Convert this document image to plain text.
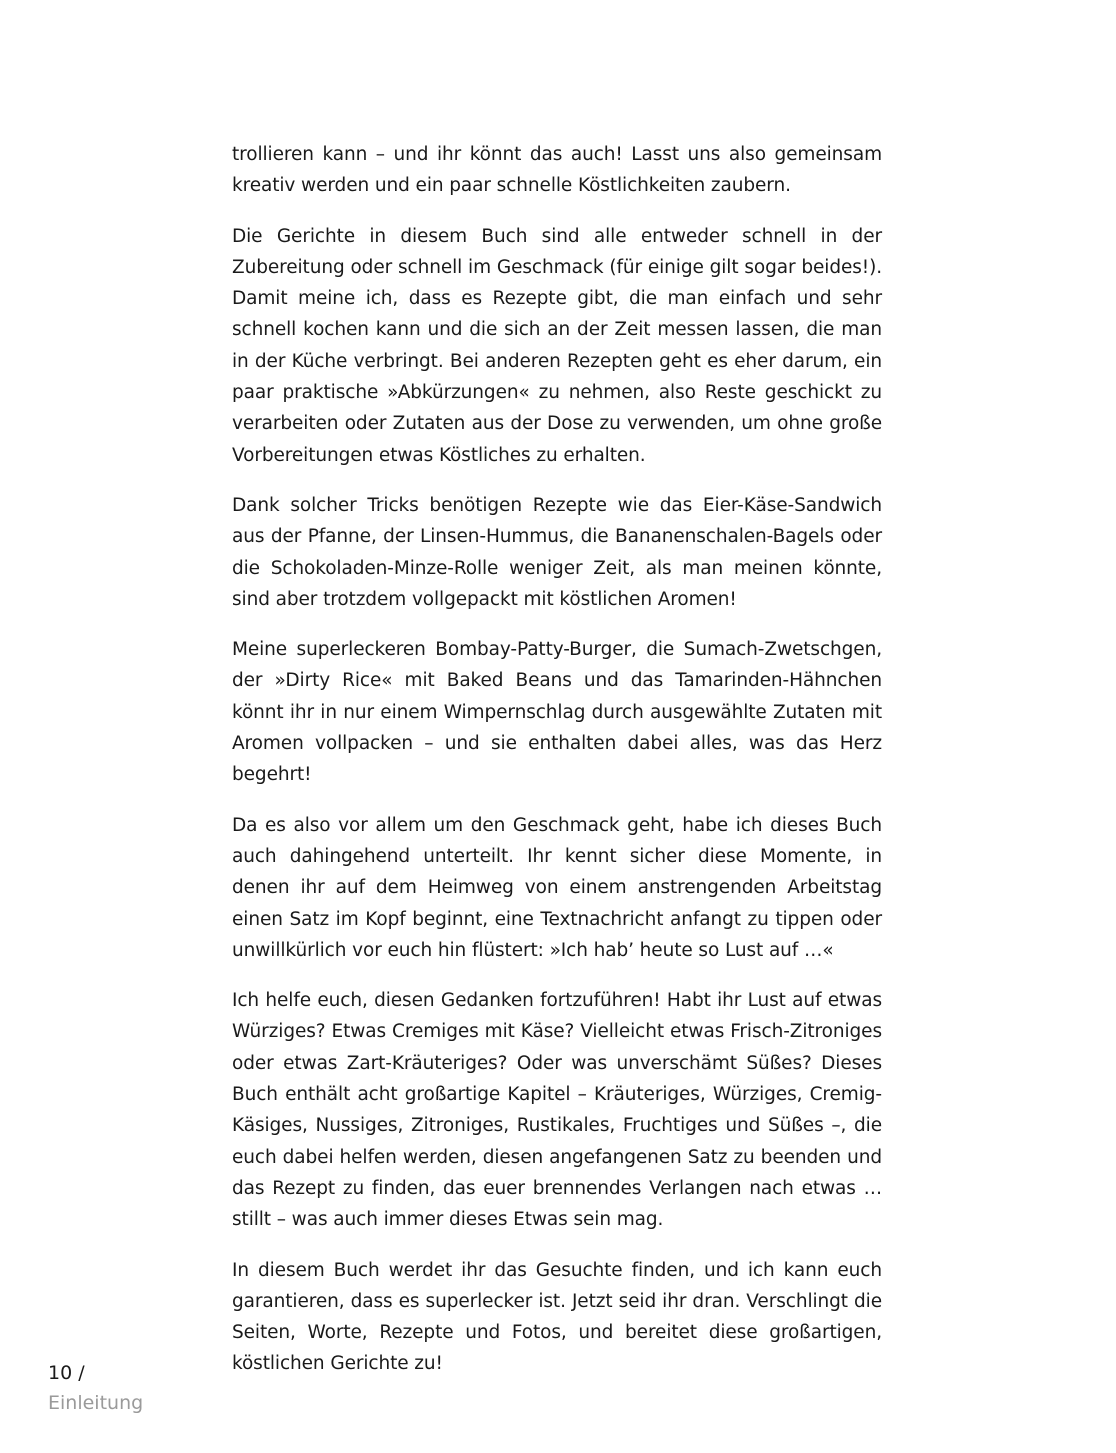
trollieren kann – und ihr könnt das auch! Lasst uns also gemeinsam kreativ werden und ein paar schnelle Köstlichkeiten zaubern.

Die Gerichte in diesem Buch sind alle entweder schnell in der Zubereitung oder schnell im Geschmack (für einige gilt sogar beides!). Damit meine ich, dass es Rezepte gibt, die man einfach und sehr schnell kochen kann und die sich an der Zeit messen lassen, die man in der Küche verbringt. Bei anderen Rezepten geht es eher darum, ein paar praktische »Abkürzungen« zu nehmen, also Reste geschickt zu verarbeiten oder Zutaten aus der Dose zu verwenden, um ohne große Vorbereitungen etwas Köstliches zu erhalten.

Dank solcher Tricks benötigen Rezepte wie das Eier-Käse-Sandwich aus der Pfanne, der Linsen-Hummus, die Bananenschalen-Bagels oder die Schokoladen-Minze-Rolle weniger Zeit, als man meinen könnte, sind aber trotzdem vollgepackt mit köstlichen Aromen!

Meine superleckeren Bombay-Patty-Burger, die Sumach-Zwetschgen, der »Dirty Rice« mit Baked Beans und das Tamarinden-Hähnchen könnt ihr in nur einem Wimpernschlag durch ausgewählte Zutaten mit Aromen vollpacken – und sie enthalten dabei alles, was das Herz begehrt!

Da es also vor allem um den Geschmack geht, habe ich dieses Buch auch dahingehend unterteilt. Ihr kennt sicher diese Momente, in denen ihr auf dem Heimweg von einem anstrengenden Arbeitstag einen Satz im Kopf beginnt, eine Textnachricht anfangt zu tippen oder unwillkürlich vor euch hin flüstert: »Ich hab’ heute so Lust auf …«

Ich helfe euch, diesen Gedanken fortzuführen! Habt ihr Lust auf etwas Würziges? Etwas Cremiges mit Käse? Vielleicht etwas Frisch-Zitroniges oder etwas Zart-Kräuteriges? Oder was unverschämt Süßes? Dieses Buch enthält acht großartige Kapitel – Kräuteriges, Würziges, Cremig-Käsiges, Nussiges, Zitroniges, Rustikales, Fruchtiges und Süßes –, die euch dabei helfen werden, diesen angefangenen Satz zu beenden und das Rezept zu finden, das euer brennendes Verlangen nach etwas … stillt – was auch immer dieses Etwas sein mag.

In diesem Buch werdet ihr das Gesuchte finden, und ich kann euch garantieren, dass es superlecker ist. Jetzt seid ihr dran. Verschlingt die Seiten, Worte, Rezepte und Fotos, und bereitet diese großartigen, köstlichen Gerichte zu!

10 /
Einleitung
